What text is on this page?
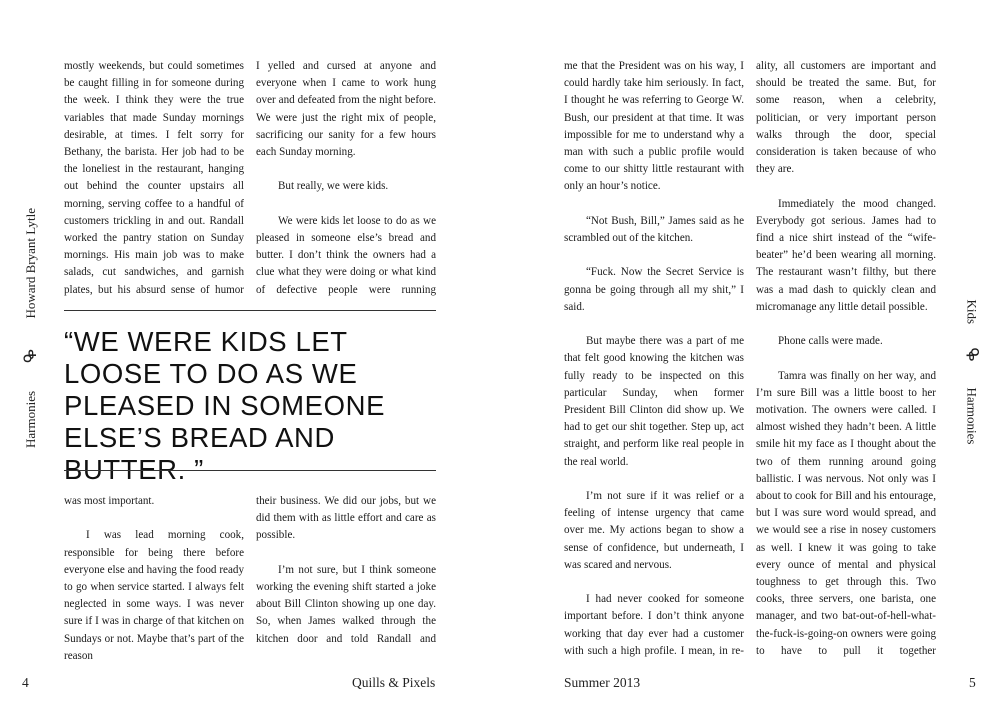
mostly weekends, but could sometimes be caught filling in for someone during the week. I think they were the true variables that made Sunday mornings desirable, at times. I felt sorry for Bethany, the barista. Her job had to be the loneliest in the restaurant, hanging out behind the counter upstairs all morning, serving coffee to a handful of customers trickling in and out. Randall worked the pantry station on Sunday mornings. His main job was to make salads, cut sandwiches, and garnish plates, but his absurd sense of humor

I yelled and cursed at anyone and everyone when I came to work hung over and defeated from the night before. We were just the right mix of people, sacrificing our sanity for a few hours each Sunday morning.

But really, we were kids.

We were kids let loose to do as we pleased in someone else’s bread and butter. I don’t think the owners had a clue what they were doing or what kind of defective people were running

“WE WERE KIDS LET LOOSE TO DO AS WE PLEASED IN SOMEONE ELSE’S BREAD AND BUTTER. ”

was most important.

I was lead morning cook, responsible for being there before everyone else and having the food ready to go when service started. I always felt neglected in some ways. I was never sure if I was in charge of that kitchen on Sundays or not. Maybe that’s part of the reason

their business. We did our jobs, but we did them with as little effort and care as possible.

I’m not sure, but I think someone working the evening shift started a joke about Bill Clinton showing up one day. So, when James walked through the kitchen door and told Randall and

Harmonies
Q
P
Howard Bryant Lytle
4	Quills & Pixels

me that the President was on his way, I could hardly take him seriously. In fact, I thought he was referring to George W. Bush, our president at that time. It was impossible for me to understand why a man with such a public profile would come to our shitty little restaurant with only an hour’s notice.

“Not Bush, Bill,” James said as he scrambled out of the kitchen.

“Fuck. Now the Secret Service is gonna be going through all my shit,” I said.

But maybe there was a part of me that felt good knowing the kitchen was fully ready to be inspected on this particular Sunday, when former President Bill Clinton did show up. We had to get our shit together. Step up, act straight, and perform like real people in the real world.

I’m not sure if it was relief or a feeling of intense urgency that came over me. My actions began to show a sense of confidence, but underneath, I was scared and nervous.

I had never cooked for someone important before. I don’t think anyone working that day ever had a customer with such a high profile. I mean, in re-

ality, all customers are important and should be treated the same. But, for some reason, when a celebrity, politician, or very important person walks through the door, special consideration is taken because of who they are.

Immediately the mood changed. Everybody got serious. James had to find a nice shirt instead of the “wife-beater” he’d been wearing all morning. The restaurant wasn’t filthy, but there was a mad dash to quickly clean and micromanage any little detail possible.

Phone calls were made.

Tamra was finally on her way, and I’m sure Bill was a little boost to her motivation. The owners were called. I almost wished they hadn’t been. A little smile hit my face as I thought about the two of them running around going ballistic. I was nervous. Not only was I about to cook for Bill and his entourage, but I was sure word would spread, and we would see a rise in nosey customers as well. I knew it was going to take every ounce of mental and physical toughness to get through this. Two cooks, three servers, one barista, one manager, and two bat-out-of-hell-what-the-fuck-is-going-on owners were going to have to pull it together

Kids
Q
P
Harmonies
Summer 2013	5
